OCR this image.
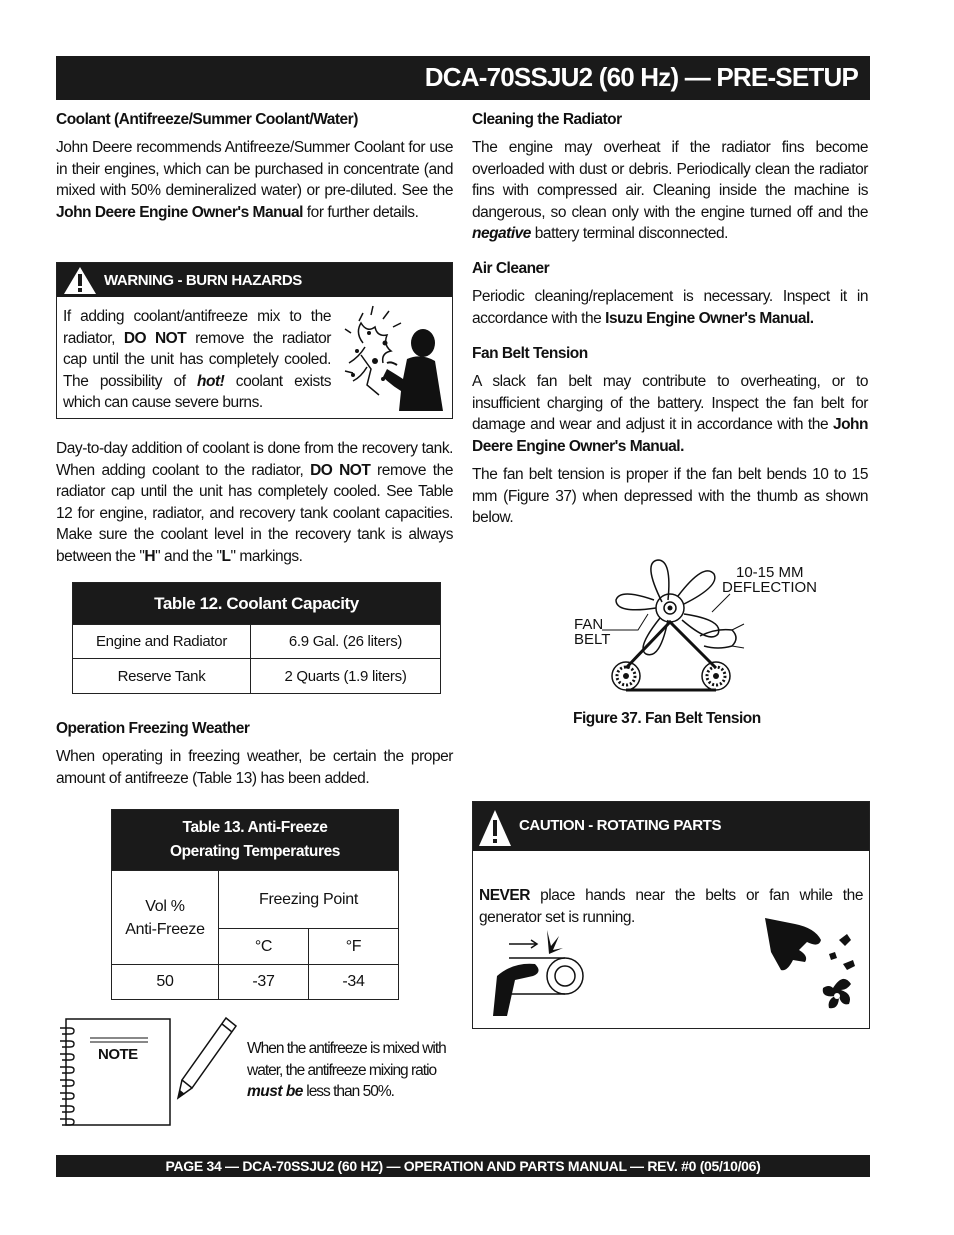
DCA-70SSJU2 (60 Hz) — PRE-SETUP
Coolant (Antifreeze/Summer Coolant/Water)
John Deere recommends Antifreeze/Summer Coolant for use in their engines, which can be purchased in concentrate (and mixed with 50% demineralized water) or pre-diluted. See the John Deere Engine Owner's Manual for further details.
WARNING - BURN HAZARDS
If adding coolant/antifreeze mix to the radiator, DO NOT remove the radiator cap until the unit has completely cooled. The possibility of hot! coolant exists which can cause severe burns.
Day-to-day addition of coolant is done from the recovery tank. When adding coolant to the radiator, DO NOT remove the radiator cap until the unit has completely cooled. See Table 12 for engine, radiator, and recovery tank coolant capacities. Make sure the coolant level in the recovery tank is always between the "H" and the "L" markings.
Table 12. Coolant Capacity	
Engine and Radiator	6.9 Gal. (26 liters)
Reserve Tank	2 Quarts (1.9 liters)
Operation Freezing Weather
When operating in freezing weather, be certain the proper amount of antifreeze (Table 13) has been added.
Table 13. Anti-Freeze
Operating Temperatures		
Vol %
Anti-Freeze	Freezing Point	
	°C	°F
50	-37	-34
NOTE	When the antifreeze is mixed with water, the antifreeze mixing ratio must be less than 50%.
Cleaning the Radiator
The engine may overheat if the radiator fins become overloaded with dust or debris. Periodically clean the radiator fins with compressed air. Cleaning inside the machine is dangerous, so clean only with the engine turned off and the negative battery terminal disconnected.
Air Cleaner
Periodic cleaning/replacement is necessary. Inspect it in accordance with the Isuzu Engine Owner's Manual.
Fan Belt Tension
A slack fan belt may contribute to overheating, or to insufficient charging of the battery. Inspect the fan belt for damage and wear and adjust it in accordance with the John Deere Engine Owner's Manual.
The fan belt tension is proper if the fan belt bends 10 to 15 mm (Figure 37) when depressed with the thumb as shown below.
10-15 MM
DEFLECTION
FAN
BELT
Figure 37. Fan Belt Tension
CAUTION - ROTATING PARTS
NEVER place hands near the belts or fan while the generator set is running.
PAGE 34 — DCA-70SSJU2 (60 HZ) — OPERATION AND PARTS MANUAL — REV. #0 (05/10/06)
